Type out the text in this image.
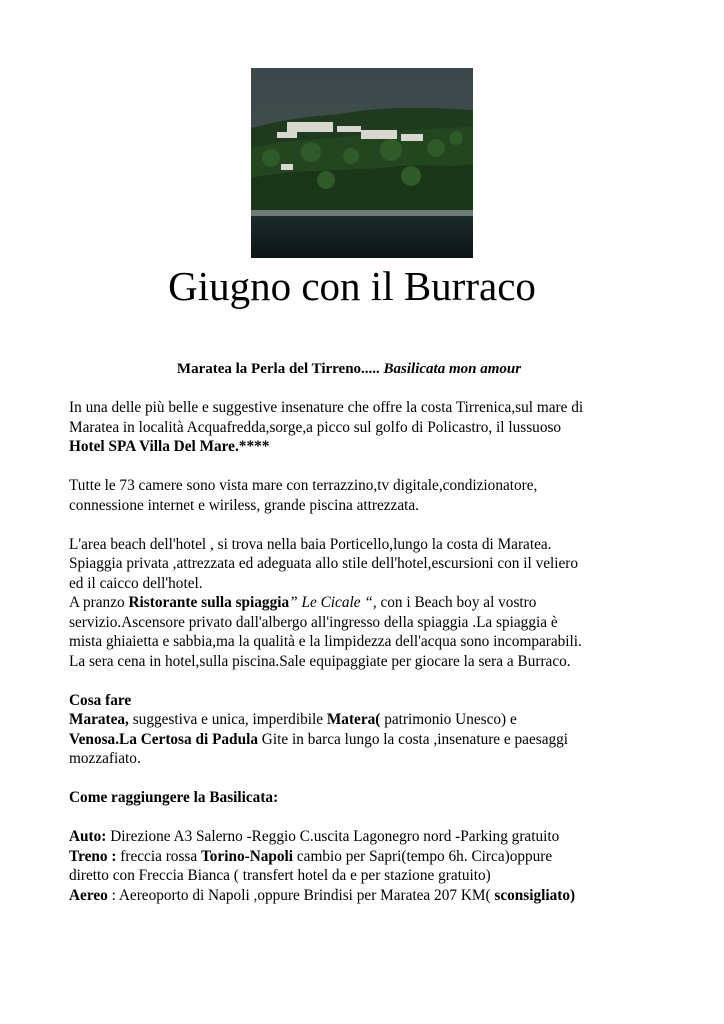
Giugno con il Burraco
Maratea la Perla del Tirreno..... Basilicata mon amour
In una delle più belle e suggestive insenature che offre la costa Tirrenica,sul mare di
Maratea in località Acquafredda,sorge,a picco sul golfo di Policastro, il lussuoso
Hotel SPA Villa Del Mare.****
Tutte le 73 camere sono vista mare con terrazzino,tv digitale,condizionatore,
connessione internet e wiriless, grande piscina attrezzata.
L'area beach dell'hotel , si trova nella baia Porticello,lungo la costa di Maratea.
Spiaggia privata ,attrezzata ed adeguata allo stile dell'hotel,escursioni con il veliero
ed il caicco dell'hotel.
A pranzo Ristorante sulla spiaggia” Le Cicale “, con i Beach boy al vostro
servizio.Ascensore privato dall'albergo all'ingresso della spiaggia .La spiaggia è
mista ghiaietta e sabbia,ma la qualità e la limpidezza dell'acqua sono incomparabili.
La sera cena in hotel,sulla piscina.Sale equipaggiate per giocare la sera a Burraco.
Cosa fare
Maratea, suggestiva e unica, imperdibile Matera( patrimonio Unesco) e
Venosa.La Certosa di Padula Gite in barca lungo la costa ,insenature e paesaggi
mozzafiato.
Come raggiungere la Basilicata:
Auto: Direzione A3 Salerno -Reggio C.uscita Lagonegro nord -Parking gratuito
Treno : freccia rossa Torino-Napoli cambio per Sapri(tempo 6h. Circa)oppure
diretto con Freccia Bianca ( transfert hotel da e per stazione gratuito)
Aereo : Aereoporto di Napoli ,oppure Brindisi per Maratea 207 KM( sconsigliato)
